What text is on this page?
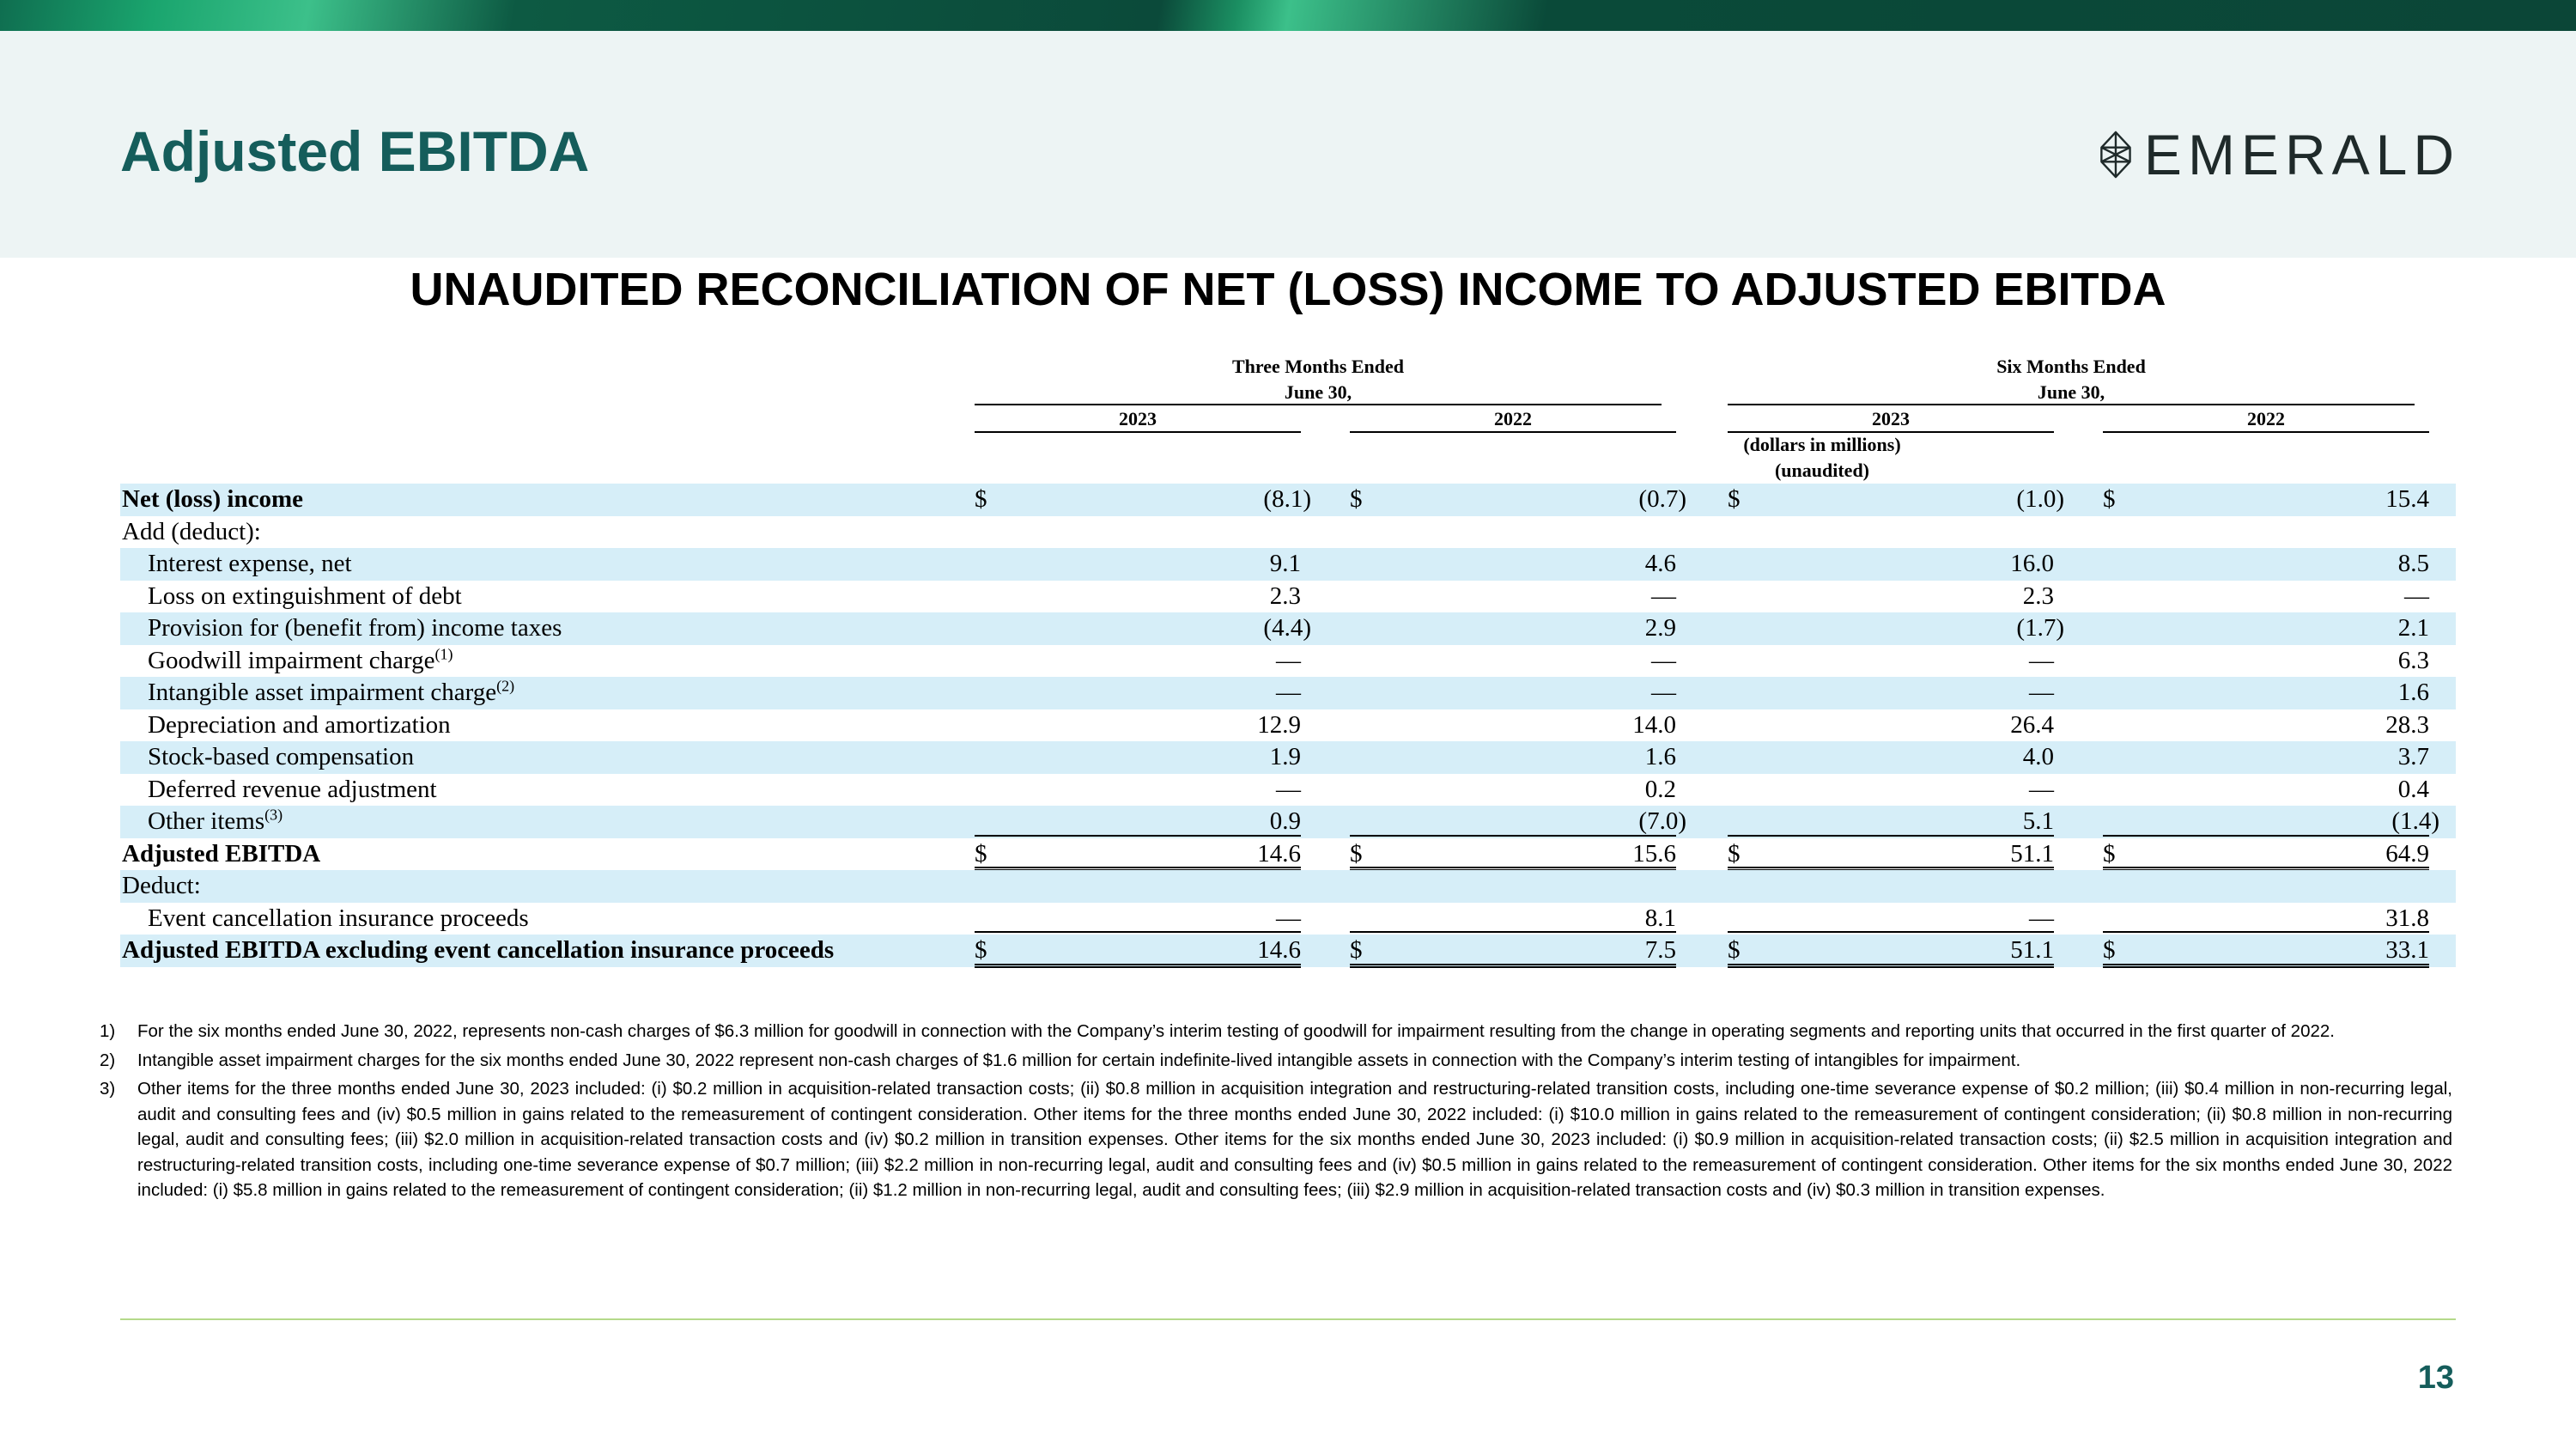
Adjusted EBITDA	EMERALD
UNAUDITED RECONCILIATION OF NET (LOSS) INCOME TO ADJUSTED EBITDA
Three Months Ended
June 30,
Six Months Ended
June 30,
2023	2022	2023	2022
(dollars in millions)
(unaudited)
Net (loss) income	$	(8.1) $	(0.7) $	(1.0) $	15.4
Add (deduct):
Interest expense, net	9.1	4.6	16.0	8.5
Loss on extinguishment of debt	2.3	—	2.3	—
Provision for (benefit from) income taxes	(4.4)	2.9	(1.7)	2.1
Goodwill impairment charge$^{(1)}$	—	—	—	6.3
Intangible asset impairment charge$^{(2)}$	—	—	—	1.6
Depreciation and amortization	12.9	14.0	26.4	28.3
Stock-based compensation	1.9	1.6	4.0	3.7
Deferred revenue adjustment	—	0.2	—	0.4
Other items$^{(3)}$	0.9	(7.0)	5.1	(1.4)
Adjusted EBITDA	$	14.6 $	15.6 $	51.1 $	64.9
Deduct:
Event cancellation insurance proceeds	—	8.1	—	31.8
Adjusted EBITDA excluding event cancellation insurance proceeds	$	14.6 $	7.5 $	51.1 $	33.1
1) For the six months ended June 30, 2022, represents non-cash charges of $6.3 million for goodwill in connection with the Company’s interim testing of goodwill for impairment resulting from the change in operating segments and reporting units that occurred in the first quarter of 2022.
2) Intangible asset impairment charges for the six months ended June 30, 2022 represent non-cash charges of $1.6 million for certain indefinite-lived intangible assets in connection with the Company’s interim testing of intangibles for impairment.
3) Other items for the three months ended June 30, 2023 included: (i) $0.2 million in acquisition-related transaction costs; (ii) $0.8 million in acquisition integration and restructuring-related transition costs, including one-time severance expense of $0.2 million; (iii) $0.4 million in non-recurring legal, audit and consulting fees and (iv) $0.5 million in gains related to the remeasurement of contingent consideration. Other items for the three months ended June 30, 2022 included: (i) $10.0 million in gains related to the remeasurement of contingent consideration; (ii) $0.8 million in non-recurring legal, audit and consulting fees; (iii) $2.0 million in acquisition-related transaction costs and (iv) $0.2 million in transition expenses. Other items for the six months ended June 30, 2023 included: (i) $0.9 million in acquisition-related transaction costs; (ii) $2.5 million in acquisition integration and restructuring-related transition costs, including one-time severance expense of $0.7 million; (iii) $2.2 million in non-recurring legal, audit and consulting fees and (iv) $0.5 million in gains related to the remeasurement of contingent consideration. Other items for the six months ended June 30, 2022 included: (i) $5.8 million in gains related to the remeasurement of contingent consideration; (ii) $1.2 million in non-recurring legal, audit and consulting fees; (iii) $2.9 million in acquisition-related transaction costs and (iv) $0.3 million in transition expenses.
13
